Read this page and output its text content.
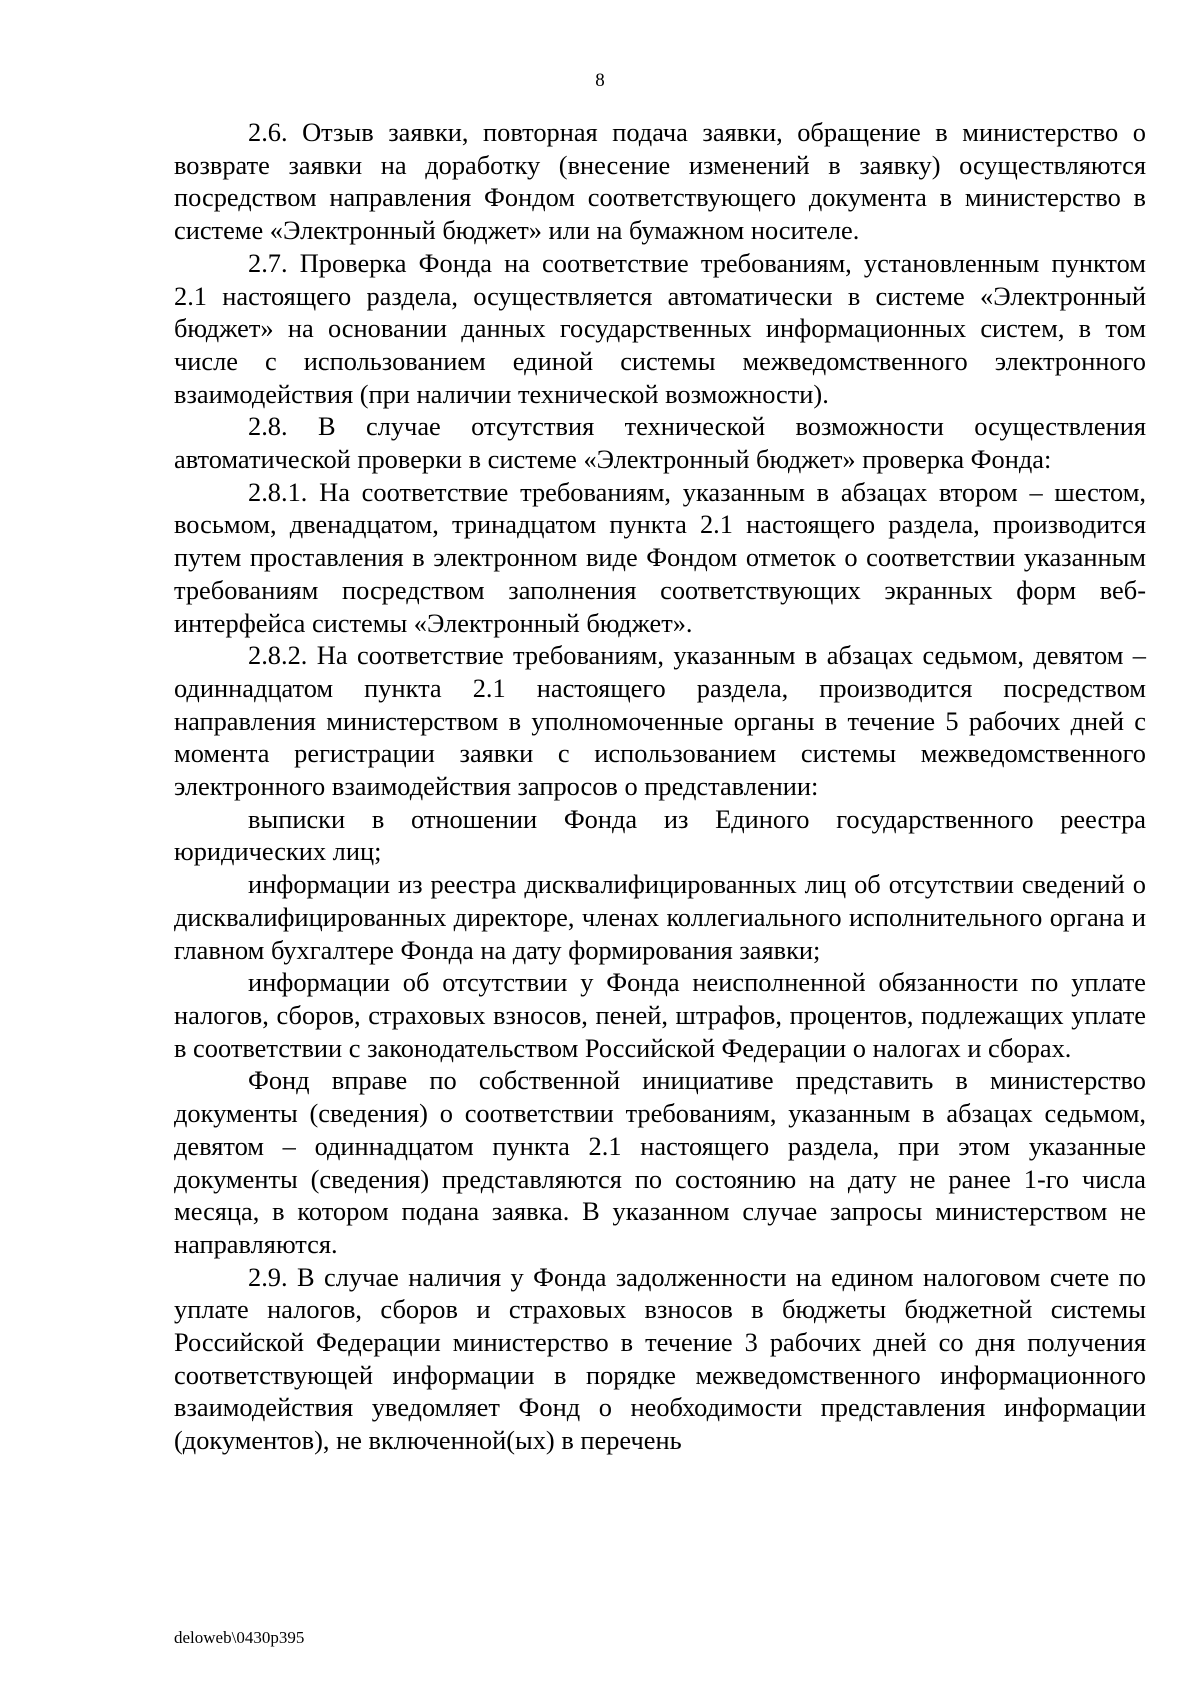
8

2.6. Отзыв заявки, повторная подача заявки, обращение в министерство о возврате заявки на доработку (внесение изменений в заявку) осуществляются посредством направления Фондом соответствующего документа в министерство в системе «Электронный бюджет» или на бумажном носителе.

2.7. Проверка Фонда на соответствие требованиям, установленным пунктом 2.1 настоящего раздела, осуществляется автоматически в системе «Электронный бюджет» на основании данных государственных информационных систем, в том числе с использованием единой системы межведомственного электронного взаимодействия (при наличии технической возможности).

2.8. В случае отсутствия технической возможности осуществления автоматической проверки в системе «Электронный бюджет» проверка Фонда:

2.8.1. На соответствие требованиям, указанным в абзацах втором – шестом, восьмом, двенадцатом, тринадцатом пункта 2.1 настоящего раздела, производится путем проставления в электронном виде Фондом отметок о соответствии указанным требованиям посредством заполнения соответствующих экранных форм веб-интерфейса системы «Электронный бюджет».

2.8.2. На соответствие требованиям, указанным в абзацах седьмом, девятом – одиннадцатом пункта 2.1 настоящего раздела, производится посредством направления министерством в уполномоченные органы в течение 5 рабочих дней с момента регистрации заявки с использованием системы межведомственного электронного взаимодействия запросов о представлении:

выписки в отношении Фонда из Единого государственного реестра юридических лиц;

информации из реестра дисквалифицированных лиц об отсутствии сведений о дисквалифицированных директоре, членах коллегиального исполнительного органа и главном бухгалтере Фонда на дату формирования заявки;

информации об отсутствии у Фонда неисполненной обязанности по уплате налогов, сборов, страховых взносов, пеней, штрафов, процентов, подлежащих уплате в соответствии с законодательством Российской Федерации о налогах и сборах.

Фонд вправе по собственной инициативе представить в министерство документы (сведения) о соответствии требованиям, указанным в абзацах седьмом, девятом – одиннадцатом пункта 2.1 настоящего раздела, при этом указанные документы (сведения) представляются по состоянию на дату не ранее 1-го числа месяца, в котором подана заявка. В указанном случае запросы министерством не направляются.

2.9. В случае наличия у Фонда задолженности на едином налоговом счете по уплате налогов, сборов и страховых взносов в бюджеты бюджетной системы Российской Федерации министерство в течение 3 рабочих дней со дня получения соответствующей информации в порядке межведомственного информационного взаимодействия уведомляет Фонд о необходимости представления информации (документов), не включенной(ых) в перечень

deloweb\0430p395
